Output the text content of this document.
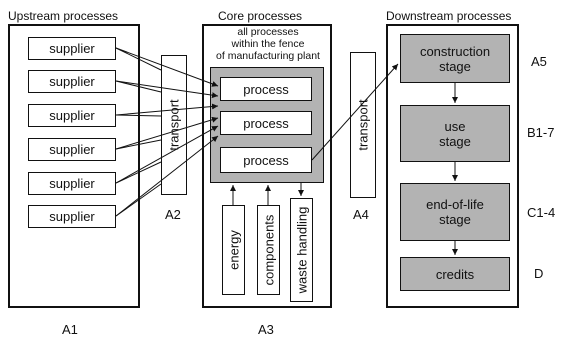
Upstream processes	Core processes	Downstream processes
supplier
supplier
supplier
supplier
supplier
supplier
transport
A2
A1
all processes
within the fence
of manufacturing plant
process
process
process
energy components waste handling
A3
transport
A4
construction
stage
use
stage
end-of-life
stage
credits
A5
B1-7
C1-4
D
